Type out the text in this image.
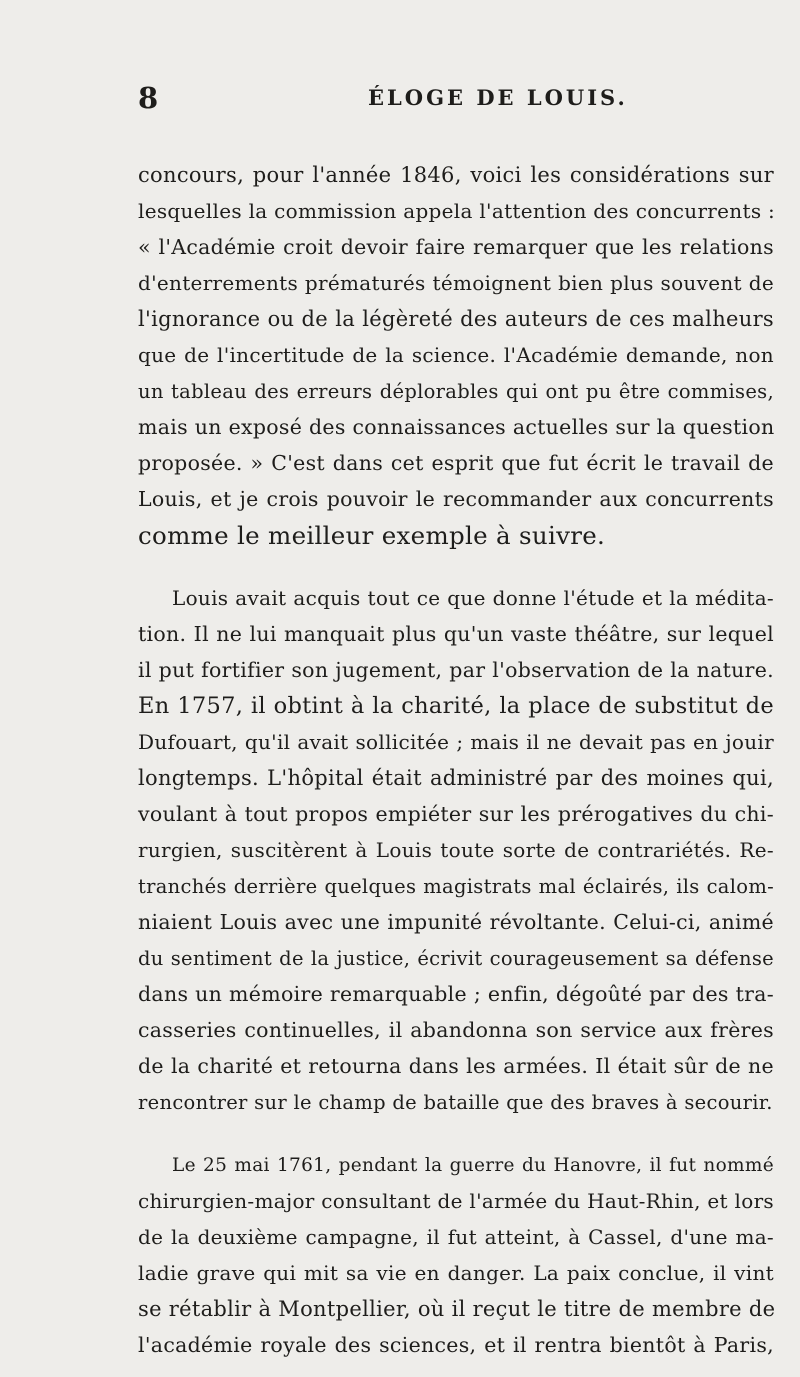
8	ÉLOGE DE LOUIS.
concours, pour l'année 1846, voici les considérations sur
lesquelles la commission appela l'attention des concurrents :
« l'Académie croit devoir faire remarquer que les relations
d'enterrements prématurés témoignent bien plus souvent de
l'ignorance ou de la légèreté des auteurs de ces malheurs
que de l'incertitude de la science. l'Académie demande, non
un tableau des erreurs déplorables qui ont pu être commises,
mais un exposé des connaissances actuelles sur la question
proposée. » C'est dans cet esprit que fut écrit le travail de
Louis, et je crois pouvoir le recommander aux concurrents
comme le meilleur exemple à suivre.
Louis avait acquis tout ce que donne l'étude et la médita-
tion. Il ne lui manquait plus qu'un vaste théâtre, sur lequel
il put fortifier son jugement, par l'observation de la nature.
En 1757, il obtint à la charité, la place de substitut de
Dufouart, qu'il avait sollicitée ; mais il ne devait pas en jouir
longtemps. L'hôpital était administré par des moines qui,
voulant à tout propos empiéter sur les prérogatives du chi-
rurgien, suscitèrent à Louis toute sorte de contrariétés. Re-
tranchés derrière quelques magistrats mal éclairés, ils calom-
niaient Louis avec une impunité révoltante. Celui-ci, animé
du sentiment de la justice, écrivit courageusement sa défense
dans un mémoire remarquable ; enfin, dégoûté par des tra-
casseries continuelles, il abandonna son service aux frères
de la charité et retourna dans les armées. Il était sûr de ne
rencontrer sur le champ de bataille que des braves à secourir.
Le 25 mai 1761, pendant la guerre du Hanovre, il fut nommé
chirurgien-major consultant de l'armée du Haut-Rhin, et lors
de la deuxième campagne, il fut atteint, à Cassel, d'une ma-
ladie grave qui mit sa vie en danger. La paix conclue, il vint
se rétablir à Montpellier, où il reçut le titre de membre de
l'académie royale des sciences, et il rentra bientôt à Paris,
